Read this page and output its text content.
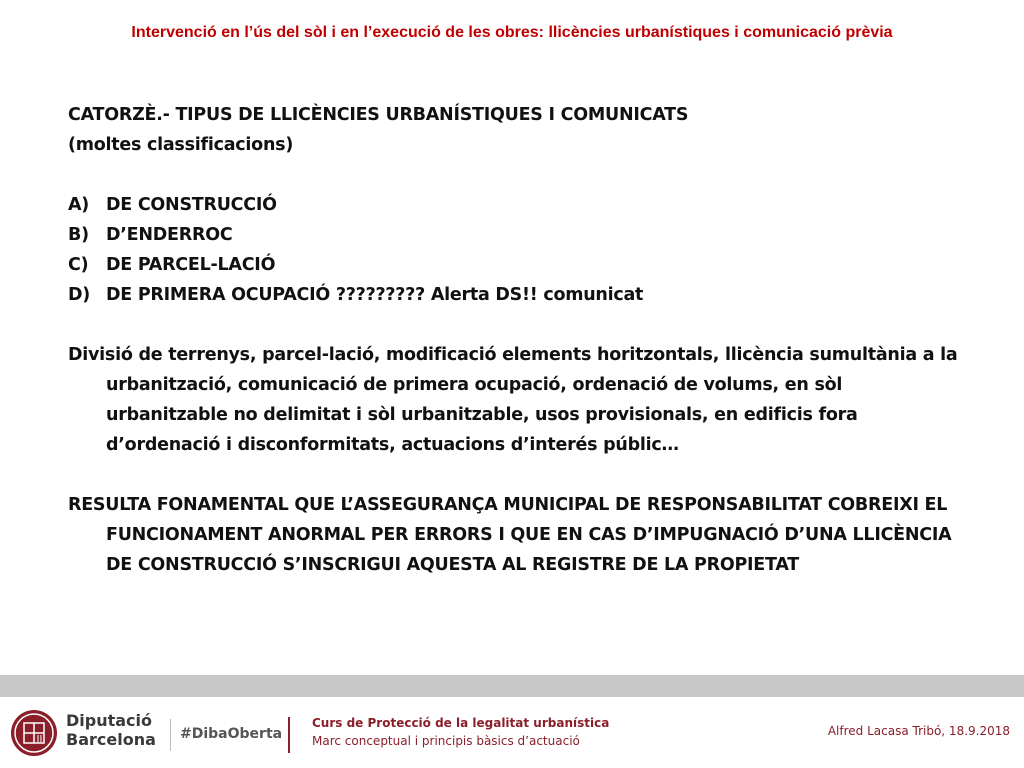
Intervenció en l’ús del sòl i en l’execució de les obres: llicències urbanístiques i comunicació prèvia

CATORZÈ.- TIPUS DE LLICÈNCIES URBANÍSTIQUES I COMUNICATS

(moltes classificacions)

A) DE CONSTRUCCIÓ
B) D’ENDERROC
C)	DE PARCEL-LACIÓ
D) DE PRIMERA OCUPACIÓ ????????? Alerta DS!! comunicat

Divisió de terrenys, parcel-lació, modificació elements horitzontals, llicència sumultània a la urbanització, comunicació de primera ocupació, ordenació de volums, en sòl urbanitzable no delimitat i sòl urbanitzable, usos provisionals, en edificis fora d’ordenació i disconformitats, actuacions d’interés públic…

RESULTA FONAMENTAL QUE L’ASSEGURANÇA MUNICIPAL DE RESPONSABILITAT COBREIXI EL FUNCIONAMENT ANORMAL PER ERRORS I QUE EN CAS D’IMPUGNACIÓ D’UNA LLICÈNCIA DE CONSTRUCCIÓ S’INSCRIGUI AQUESTA AL REGISTRE DE LA PROPIETAT

Diputació
Barcelona #DibaOberta
Curs de Protecció de la legalitat urbanística
Marc conceptual i principis bàsics d’actuació
Alfred Lacasa Tribó, 18.9.2018
